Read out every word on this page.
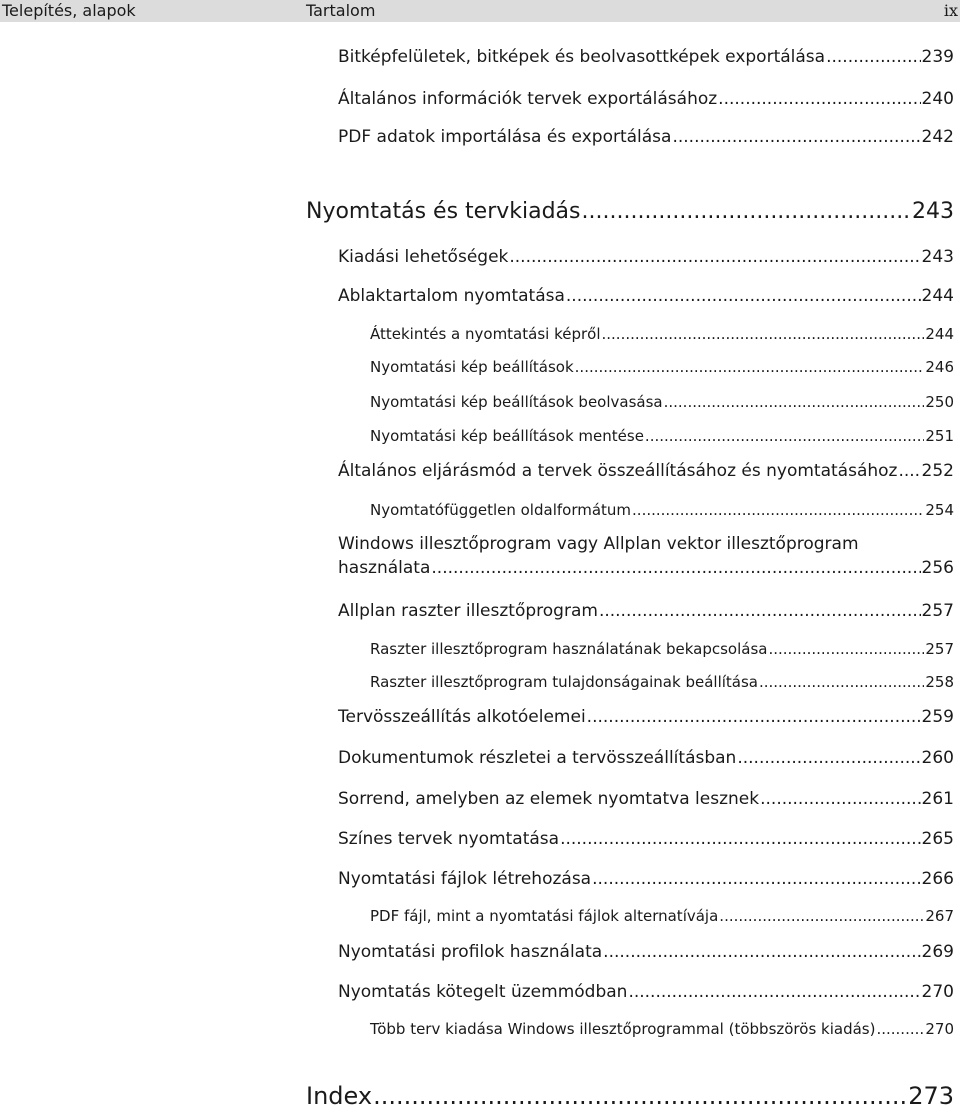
Telepítés, alapok	Tartalom	ix
Bitképfelületek, bitképek és beolvasottképek exportálása .....	239
Általános információk tervek exportálásához .....	240
PDF adatok importálása és exportálása .....	242
Nyomtatás és tervkiadás .....	243
Kiadási lehetőségek .....	243
Ablaktartalom nyomtatása .....	244
Áttekintés a nyomtatási képről .....	244
Nyomtatási kép beállítások .....	246
Nyomtatási kép beállítások beolvasása .....	250
Nyomtatási kép beállítások mentése .....	251
Általános eljárásmód a tervek összeállításához és nyomtatásához ..... 252
Nyomtatófüggetlen oldalformátum .....	254
Windows illesztőprogram vagy Allplan vektor illesztőprogram
használata .....	256
Allplan raszter illesztőprogram .....	257
Raszter illesztőprogram használatának bekapcsolása .....	257
Raszter illesztőprogram tulajdonságainak beállítása .....	258
Tervösszeállítás alkotóelemei .....	259
Dokumentumok részletei a tervösszeállításban .....	260
Sorrend, amelyben az elemek nyomtatva lesznek .....	261
Színes tervek nyomtatása .....	265
Nyomtatási fájlok létrehozása .....	266
PDF fájl, mint a nyomtatási fájlok alternatívája .....	267
Nyomtatási profilok használata .....	269
Nyomtatás kötegelt üzemmódban .....	270
Több terv kiadása Windows illesztőprogrammal (többszörös kiadás) .....	270
Index .....	273
